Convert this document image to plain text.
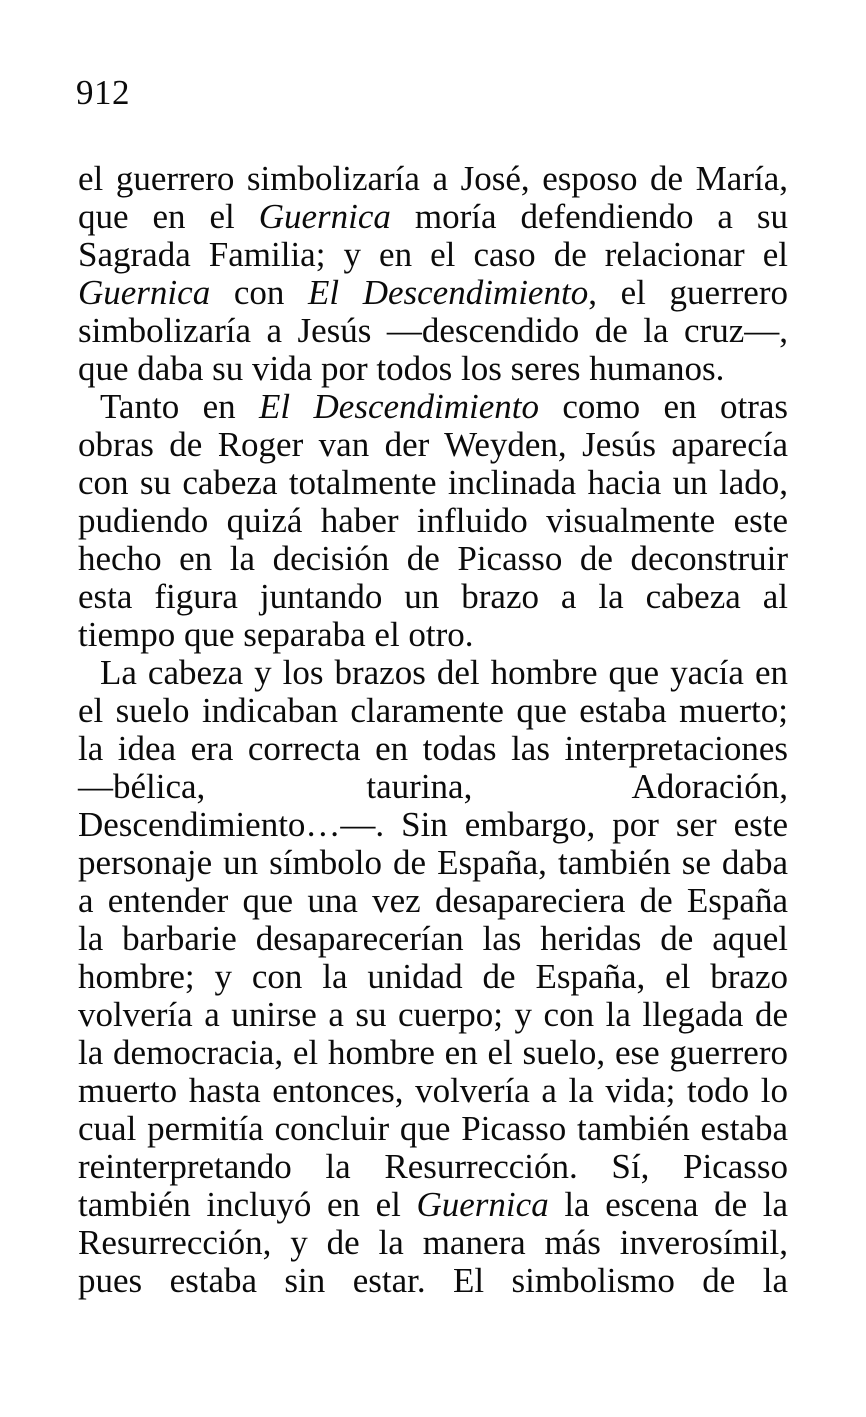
912
el guerrero simbolizaría a José, esposo de María,
que en el Guernica moría defendiendo a su
Sagrada Familia; y en el caso de relacionar el
Guernica con El Descendimiento, el guerrero
simbolizaría a Jesús —descendido de la cruz—,
que daba su vida por todos los seres humanos.
Tanto en El Descendimiento como en otras
obras de Roger van der Weyden, Jesús aparecía
con su cabeza totalmente inclinada hacia un lado,
pudiendo quizá haber influido visualmente este
hecho en la decisión de Picasso de deconstruir
esta figura juntando un brazo a la cabeza al
tiempo que separaba el otro.
La cabeza y los brazos del hombre que yacía en
el suelo indicaban claramente que estaba muerto;
la idea era correcta en todas las interpretaciones
—bélica, taurina, Adoración,
Descendimiento…—. Sin embargo, por ser este
personaje un símbolo de España, también se daba
a entender que una vez desapareciera de España
la barbarie desaparecerían las heridas de aquel
hombre; y con la unidad de España, el brazo
volvería a unirse a su cuerpo; y con la llegada de
la democracia, el hombre en el suelo, ese guerrero
muerto hasta entonces, volvería a la vida; todo lo
cual permitía concluir que Picasso también estaba
reinterpretando la Resurrección. Sí, Picasso
también incluyó en el Guernica la escena de la
Resurrección, y de la manera más inverosímil,
pues estaba sin estar. El simbolismo de la
